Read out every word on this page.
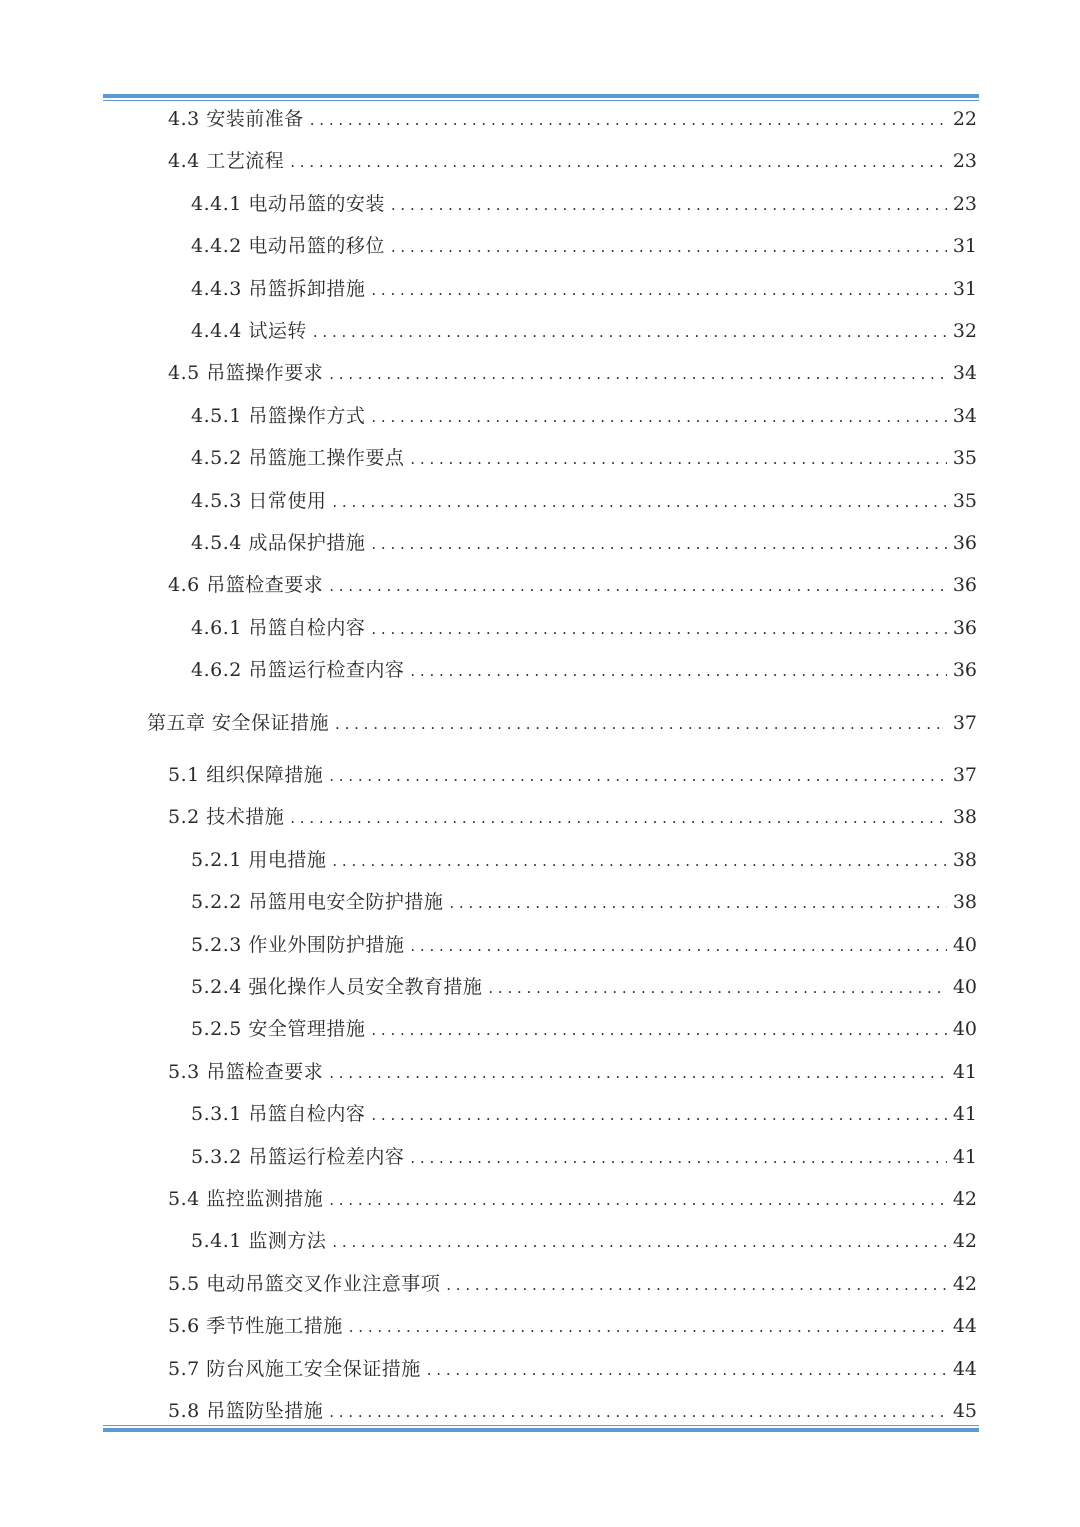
4.3 安装前准备 . . .	22
4.4 工艺流程 . . .	23
4.4.1 电动吊篮的安装 . . .	23
4.4.2 电动吊篮的移位 . . .	31
4.4.3 吊篮拆卸措施 . . .	31
4.4.4 试运转 . . .	32
4.5 吊篮操作要求 . . .	34
4.5.1 吊篮操作方式 . . .	34
4.5.2 吊篮施工操作要点 . . .	35
4.5.3 日常使用 . . .	35
4.5.4 成品保护措施 . . .	36
4.6 吊篮检查要求 . . .	36
4.6.1 吊篮自检内容 . . .	36
4.6.2 吊篮运行检查内容 . . .	36
第五章 安全保证措施 . . .	37
5.1 组织保障措施 . . .	37
5.2 技术措施 . . .	38
5.2.1 用电措施 . . .	38
5.2.2 吊篮用电安全防护措施 . . .	38
5.2.3 作业外围防护措施 . . .	40
5.2.4 强化操作人员安全教育措施 . . .	40
5.2.5 安全管理措施 . . .	40
5.3 吊篮检查要求 . . .	41
5.3.1 吊篮自检内容 . . .	41
5.3.2 吊篮运行检差内容 . . .	41
5.4 监控监测措施 . . .	42
5.4.1 监测方法 . . .	42
5.5 电动吊篮交叉作业注意事项 . . .	42
5.6 季节性施工措施 . . .	44
5.7 防台风施工安全保证措施 . . .	44
5.8 吊篮防坠措施 . . .	45
